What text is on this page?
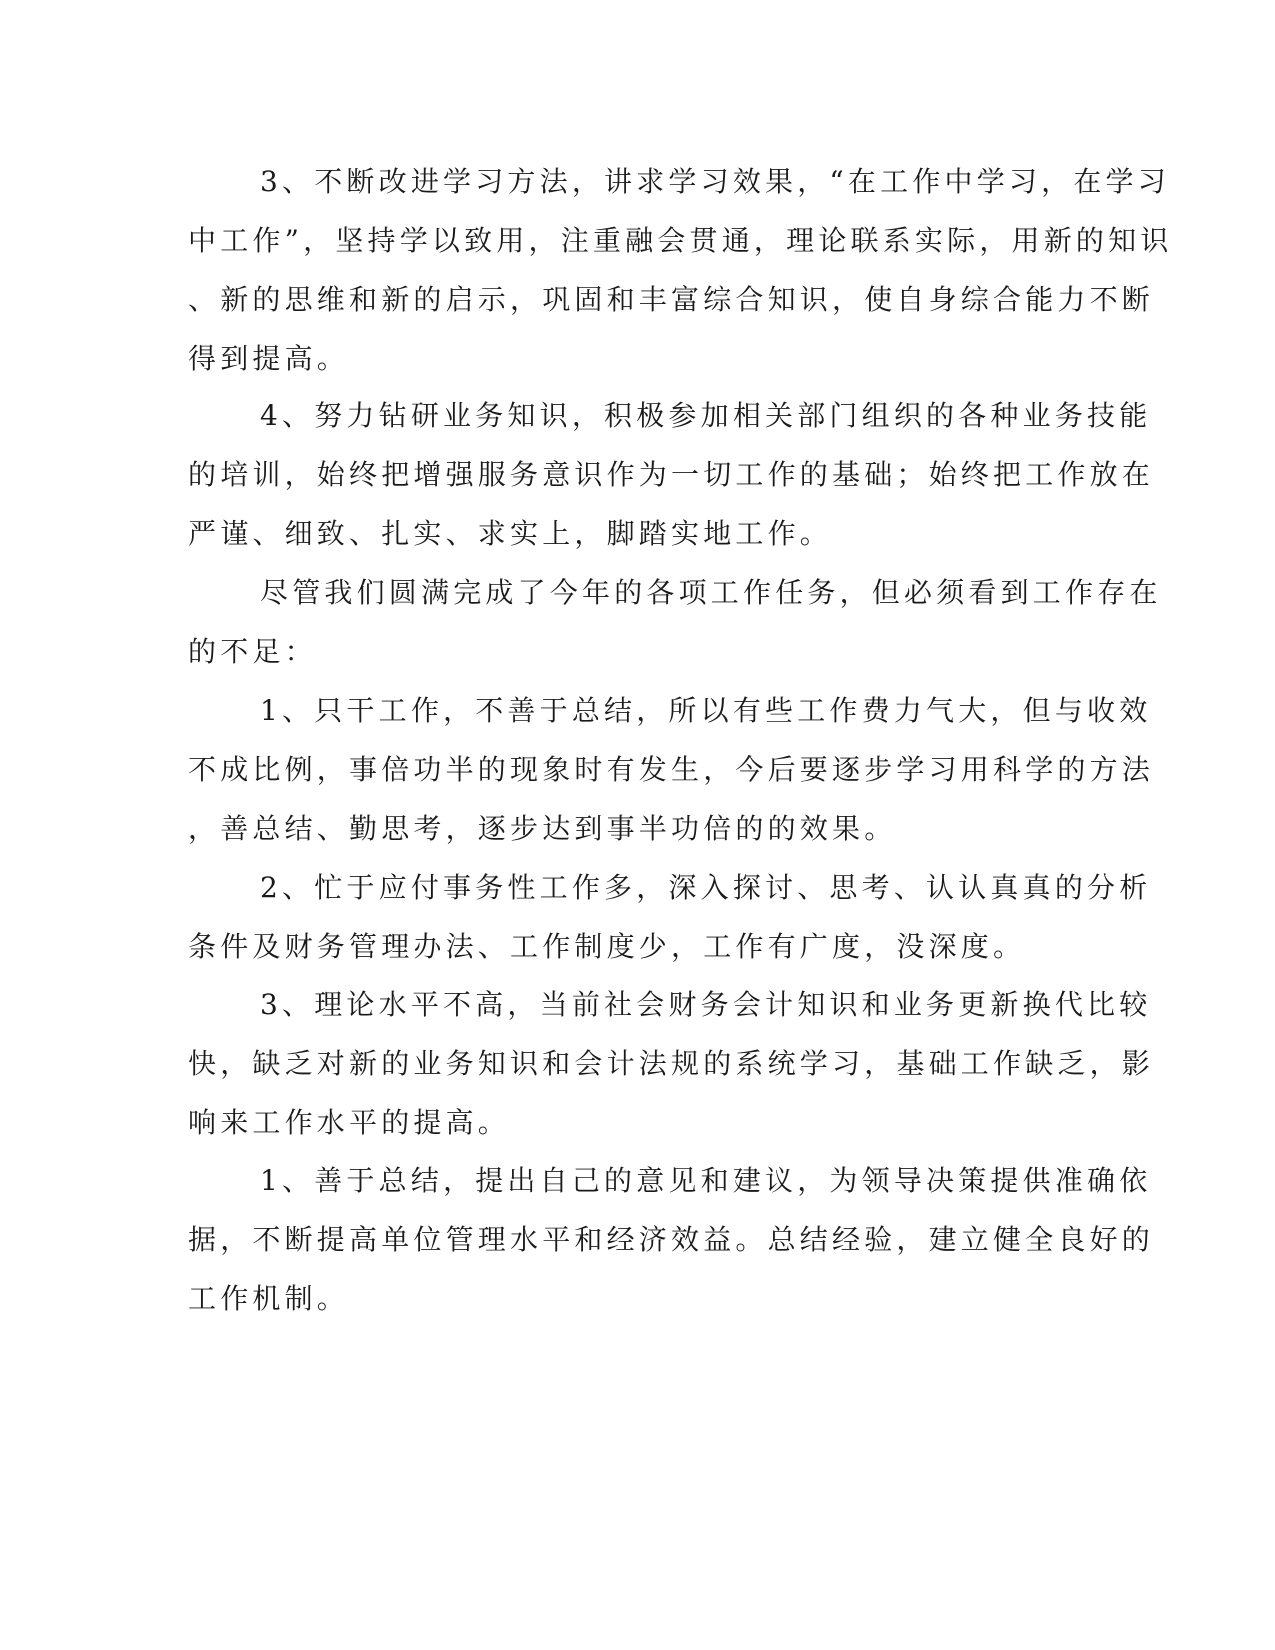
3、不断改进学习方法，讲求学习效果，“在工作中学习，在学习
中工作”，坚持学以致用，注重融会贯通，理论联系实际，用新的知识
、新的思维和新的启示，巩固和丰富综合知识，使自身综合能力不断
得到提高。
4、努力钻研业务知识，积极参加相关部门组织的各种业务技能
的培训，始终把增强服务意识作为一切工作的基础；始终把工作放在
严谨、细致、扎实、求实上，脚踏实地工作。
尽管我们圆满完成了今年的各项工作任务，但必须看到工作存在
的不足：
1、只干工作，不善于总结，所以有些工作费力气大，但与收效
不成比例，事倍功半的现象时有发生，今后要逐步学习用科学的方法
，善总结、勤思考，逐步达到事半功倍的的效果。
2、忙于应付事务性工作多，深入探讨、思考、认认真真的分析
条件及财务管理办法、工作制度少，工作有广度，没深度。
3、理论水平不高，当前社会财务会计知识和业务更新换代比较
快，缺乏对新的业务知识和会计法规的系统学习，基础工作缺乏，影
响来工作水平的提高。
1、善于总结，提出自己的意见和建议，为领导决策提供准确依
据，不断提高单位管理水平和经济效益。总结经验，建立健全良好的
工作机制。
